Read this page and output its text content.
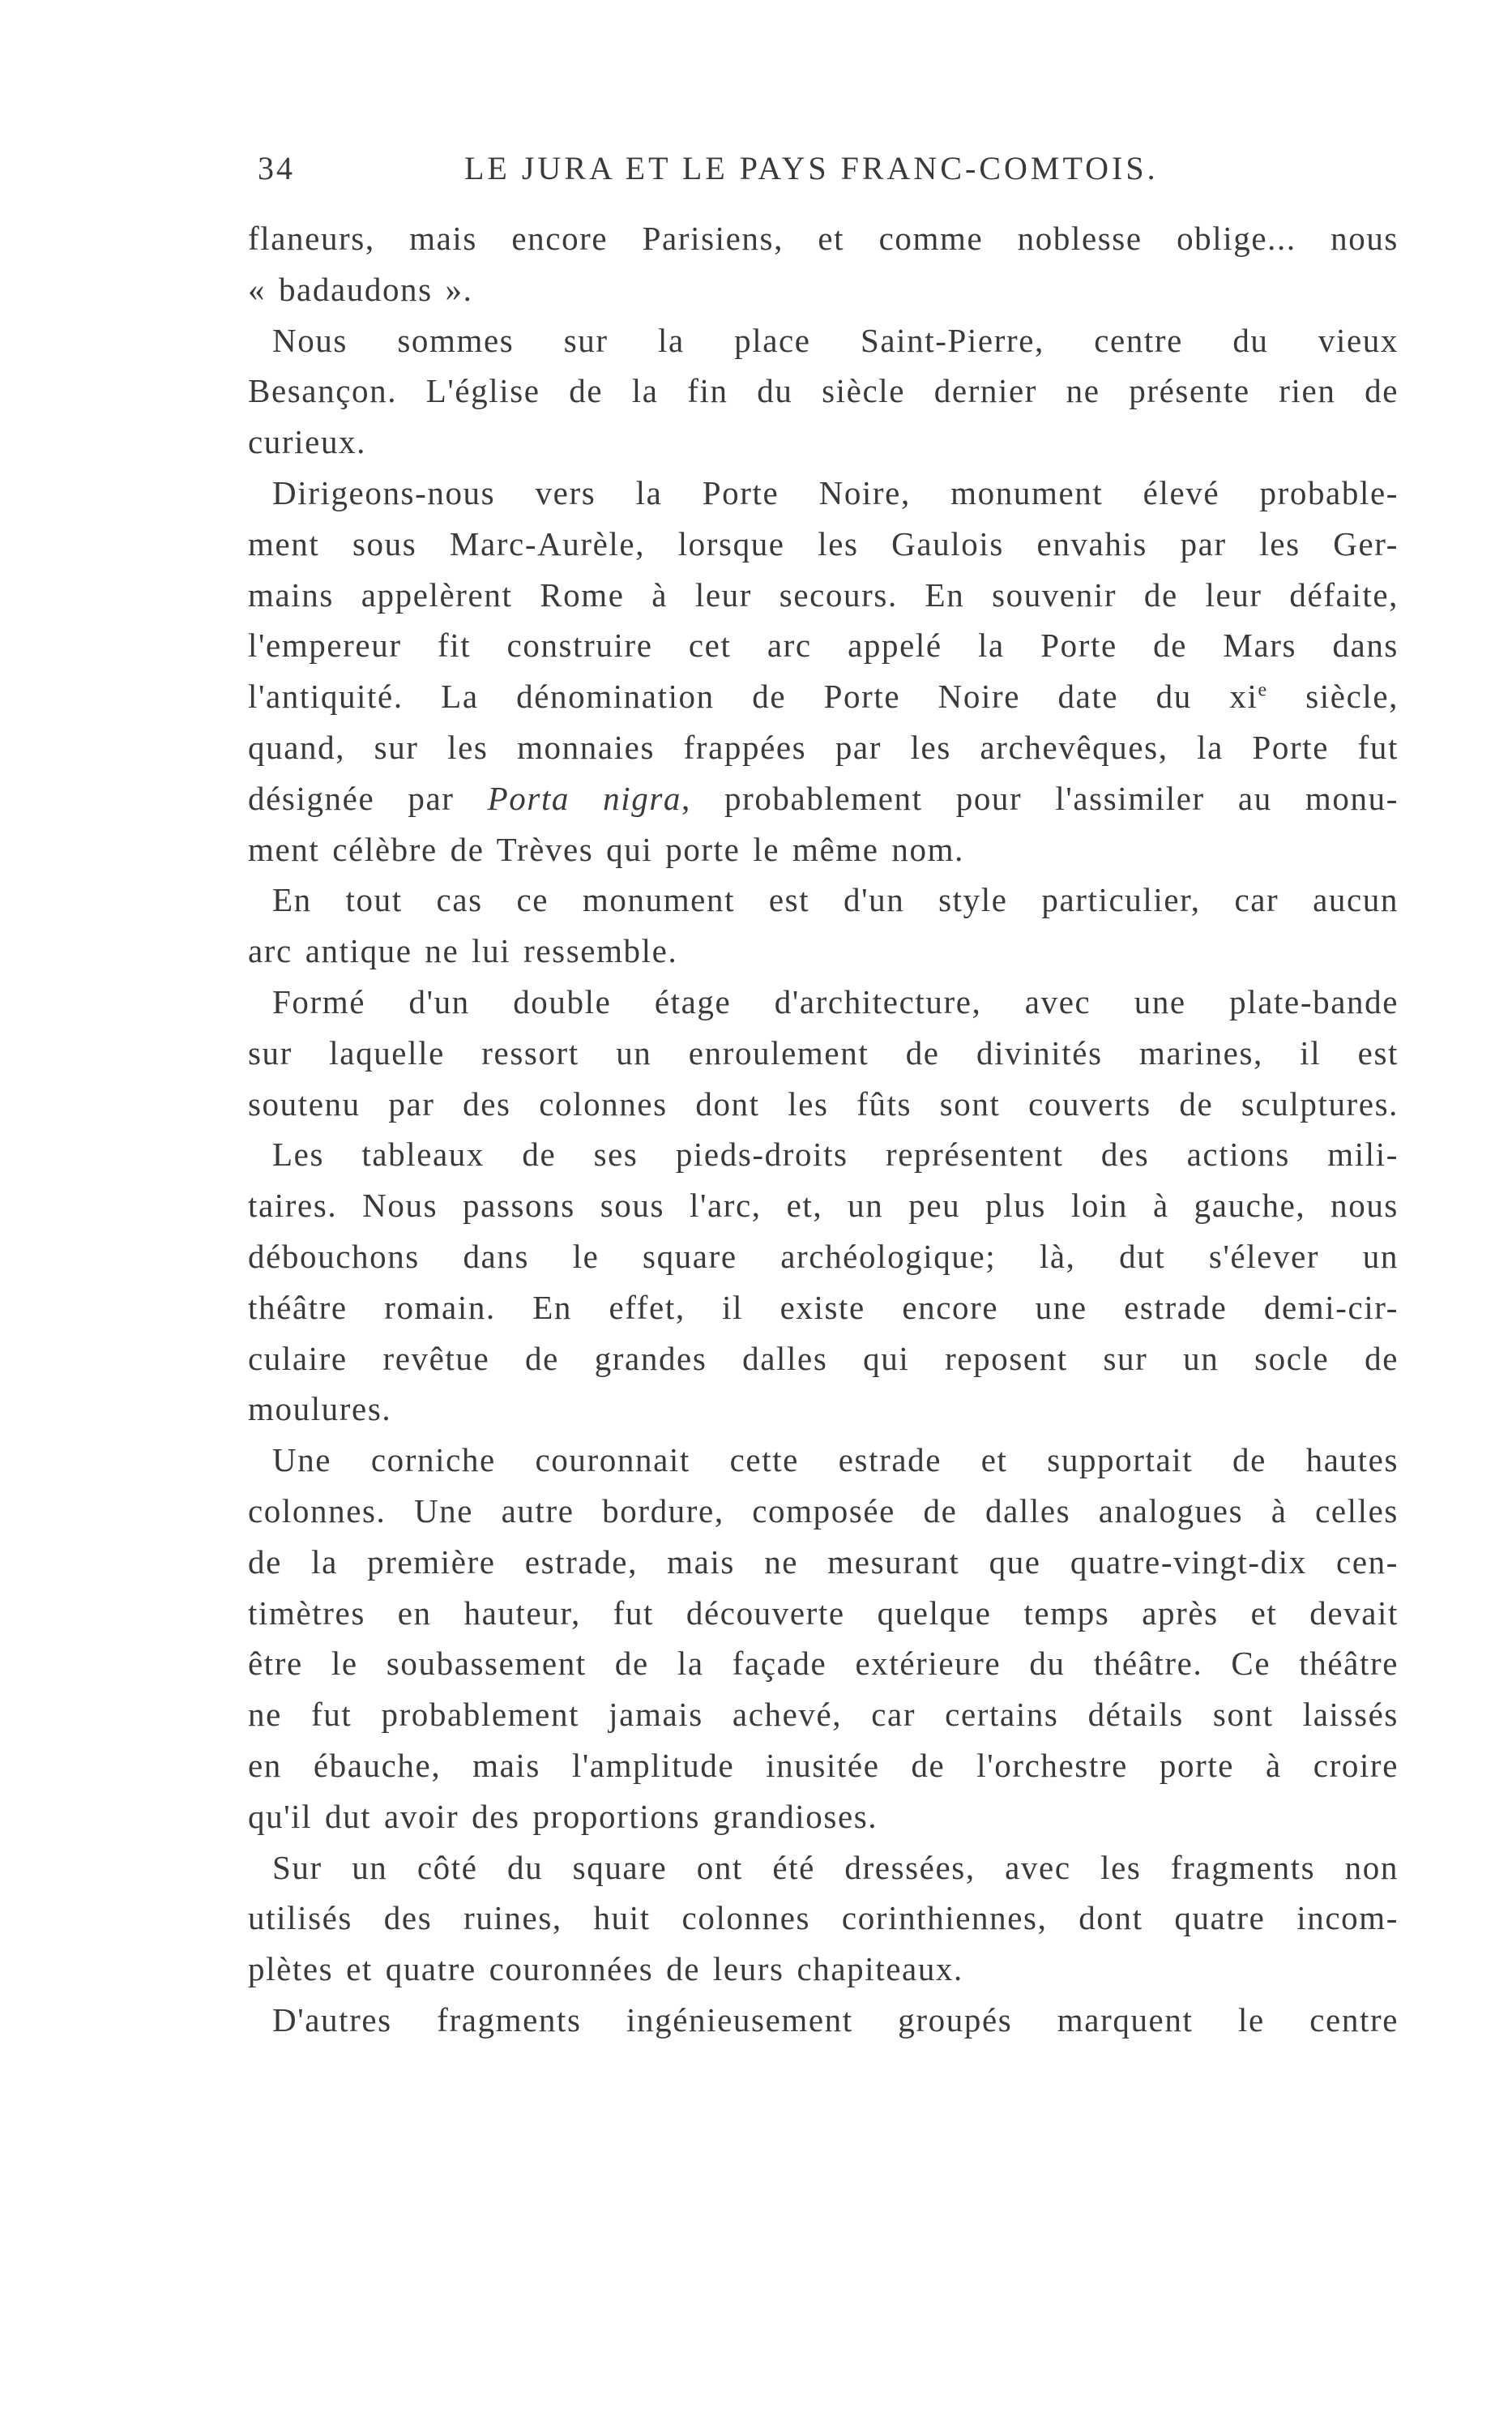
34	LE JURA ET LE PAYS FRANC-COMTOIS.
flaneurs, mais encore Parisiens, et comme noblesse oblige... nous
« badaudons ».
Nous sommes sur la place Saint-Pierre, centre du vieux
Besançon. L'église de la fin du siècle dernier ne présente rien de
curieux.
Dirigeons-nous vers la Porte Noire, monument élevé probable-
ment sous Marc-Aurèle, lorsque les Gaulois envahis par les Ger-
mains appelèrent Rome à leur secours. En souvenir de leur défaite,
l'empereur fit construire cet arc appelé la Porte de Mars dans
l'antiquité. La dénomination de Porte Noire date du $xi^e$ siècle,
quand, sur les monnaies frappées par les archevêques, la Porte fut
désignée par Porta nigra, probablement pour l'assimiler au monu-
ment célèbre de Trèves qui porte le même nom.
En tout cas ce monument est d'un style particulier, car aucun
arc antique ne lui ressemble.
Formé d'un double étage d'architecture, avec une plate-bande
sur laquelle ressort un enroulement de divinités marines, il est
soutenu par des colonnes dont les fûts sont couverts de sculptures.
Les tableaux de ses pieds-droits représentent des actions mili-
taires. Nous passons sous l'arc, et, un peu plus loin à gauche, nous
débouchons dans le square archéologique; là, dut s'élever un
théâtre romain. En effet, il existe encore une estrade demi-cir-
culaire revêtue de grandes dalles qui reposent sur un socle de
moulures.
Une corniche couronnait cette estrade et supportait de hautes
colonnes. Une autre bordure, composée de dalles analogues à celles
de la première estrade, mais ne mesurant que quatre-vingt-dix cen-
timètres en hauteur, fut découverte quelque temps après et devait
être le soubassement de la façade extérieure du théâtre. Ce théâtre
ne fut probablement jamais achevé, car certains détails sont laissés
en ébauche, mais l'amplitude inusitée de l'orchestre porte à croire
qu'il dut avoir des proportions grandioses.
Sur un côté du square ont été dressées, avec les fragments non
utilisés des ruines, huit colonnes corinthiennes, dont quatre incom-
plètes et quatre couronnées de leurs chapiteaux.
D'autres fragments ingénieusement groupés marquent le centre
